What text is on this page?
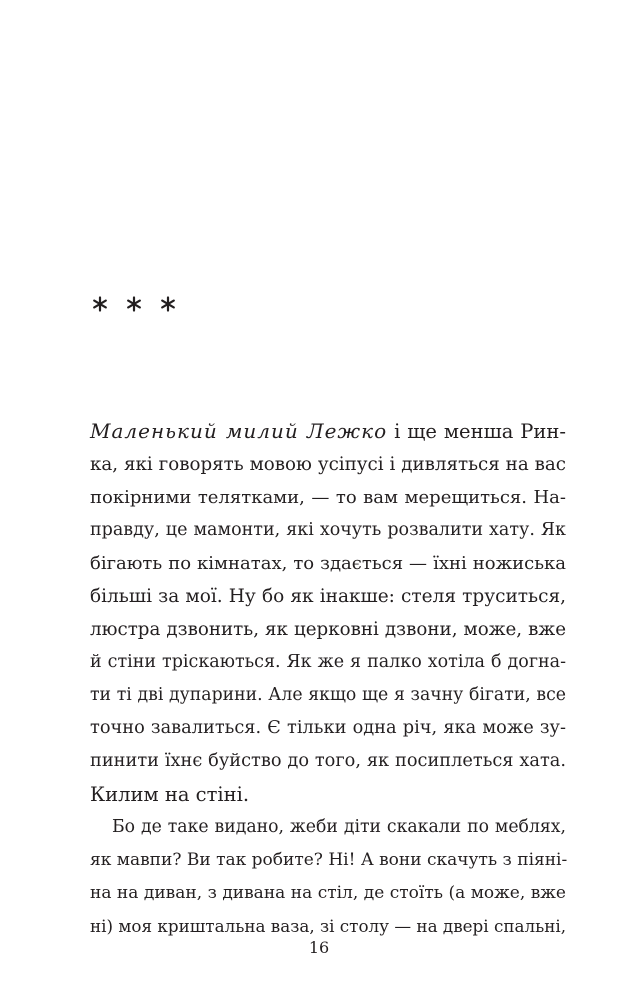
Маленький милий Лежко і ще менша Рин-
ка, які говорять мовою усіпусі і дивляться на вас
покірними телятками, — то вам мерещиться. На-
правду, це мамонти, які хочуть розвалити хату. Як
бігають по кімнатах, то здається — їхні ножиська
більші за мої. Ну бо як інакше: стеля труситься,
люстра дзвонить, як церковні дзвони, може, вже
й стіни тріскаються. Як же я палко хотіла б догна-
ти ті дві дупарини. Але якщо ще я зачну бігати, все
точно завалиться. Є тільки одна річ, яка може зу-
пинити їхнє буйство до того, як посиплеться хата.
Килим на стіні.
Бо де таке видано, жеби діти скакали по меблях,
як мавпи? Ви так робите? Ні! А вони скачуть з піяні-
на на диван, з дивана на стіл, де стоїть (а може, вже
ні) моя криштальна ваза, зі столу — на двері спальні,
16
